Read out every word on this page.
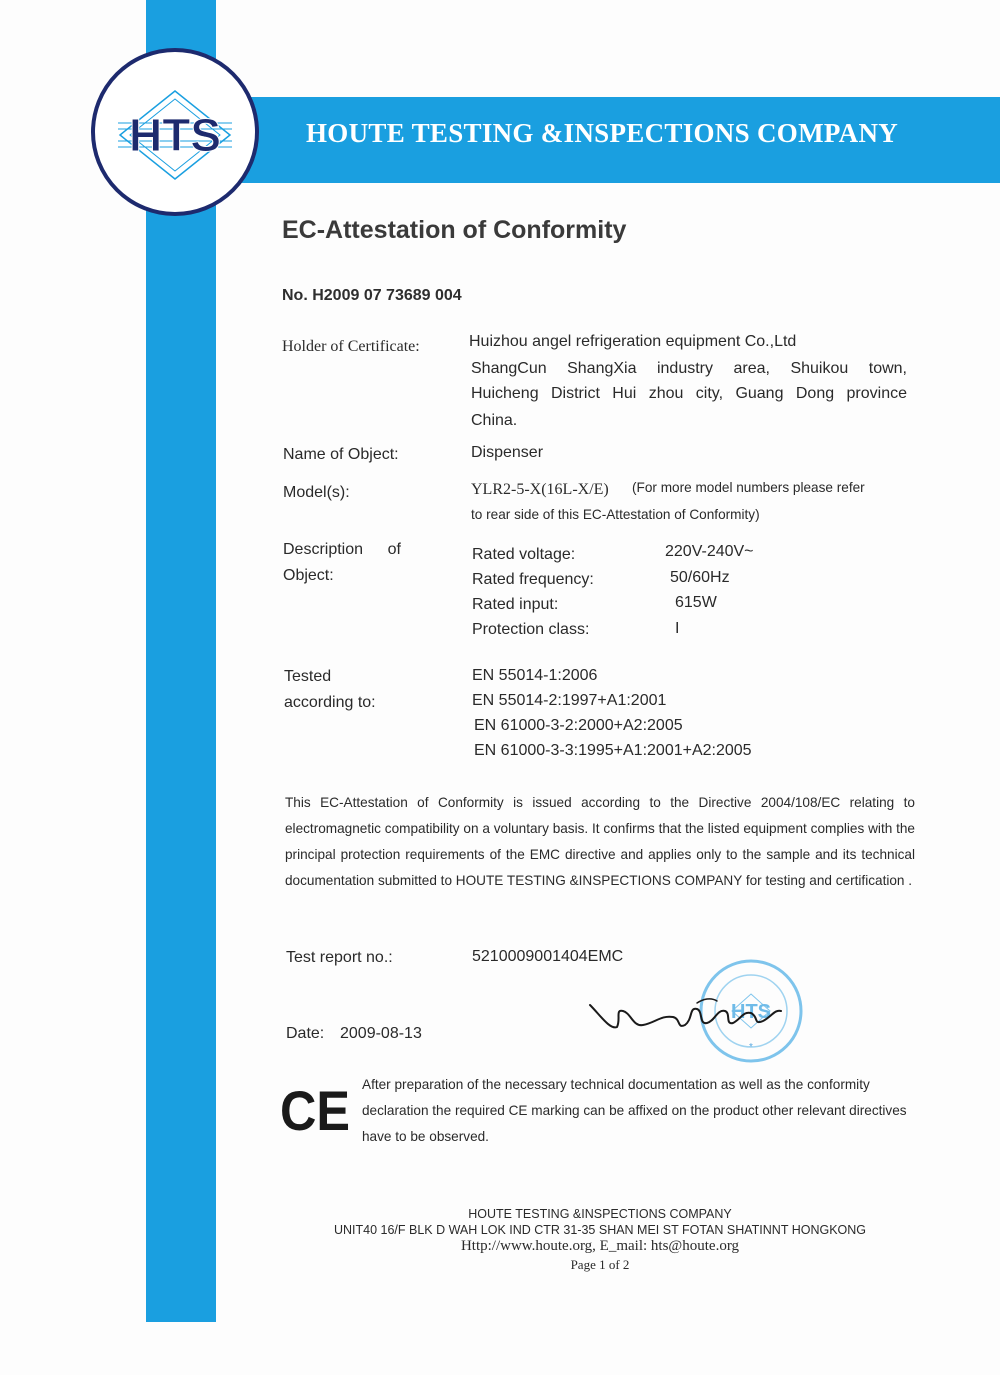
HTS	HOUTE TESTING &INSPECTIONS COMPANY
EC-Attestation of Conformity
No. H2009 07 73689 004
Holder of Certificate:	Huizhou angel refrigeration equipment Co.,Ltd
ShangCun ShangXia industry area, Shuikou town,
Huicheng District Hui zhou city, Guang Dong province
China.
Name of Object:	Dispenser
Model(s):	YLR2-5-X(16L-X/E) (For more model numbers please refer
to rear side of this EC-Attestation of Conformity)
Description of
Object:
Rated voltage:	220V-240V~
Rated frequency:	50/60Hz
Rated input:	615W
Protection class:	I
Tested
according to:
EN 55014-1:2006
EN 55014-2:1997+A1:2001
EN 61000-3-2:2000+A2:2005
EN 61000-3-3:1995+A1:2001+A2:2005
This EC-Attestation of Conformity is issued according to the Directive 2004/108/EC relating to electromagnetic compatibility on a voluntary basis. It confirms that the listed equipment complies with the principal protection requirements of the EMC directive and applies only to the sample and its technical documentation submitted to HOUTE TESTING &INSPECTIONS COMPANY for testing and certification .
Test report no.:	5210009001404EMC
HTS
*
Date: 2009-08-13
CE After preparation of the necessary technical documentation as well as the conformity declaration the required CE marking can be affixed on the product other relevant directives have to be observed.
HOUTE TESTING &INSPECTIONS COMPANY
UNIT40 16/F BLK D WAH LOK IND CTR 31-35 SHAN MEI ST FOTAN SHATINNT HONGKONG
Http://www.houte.org, E_mail: hts@houte.org
Page 1 of 2
